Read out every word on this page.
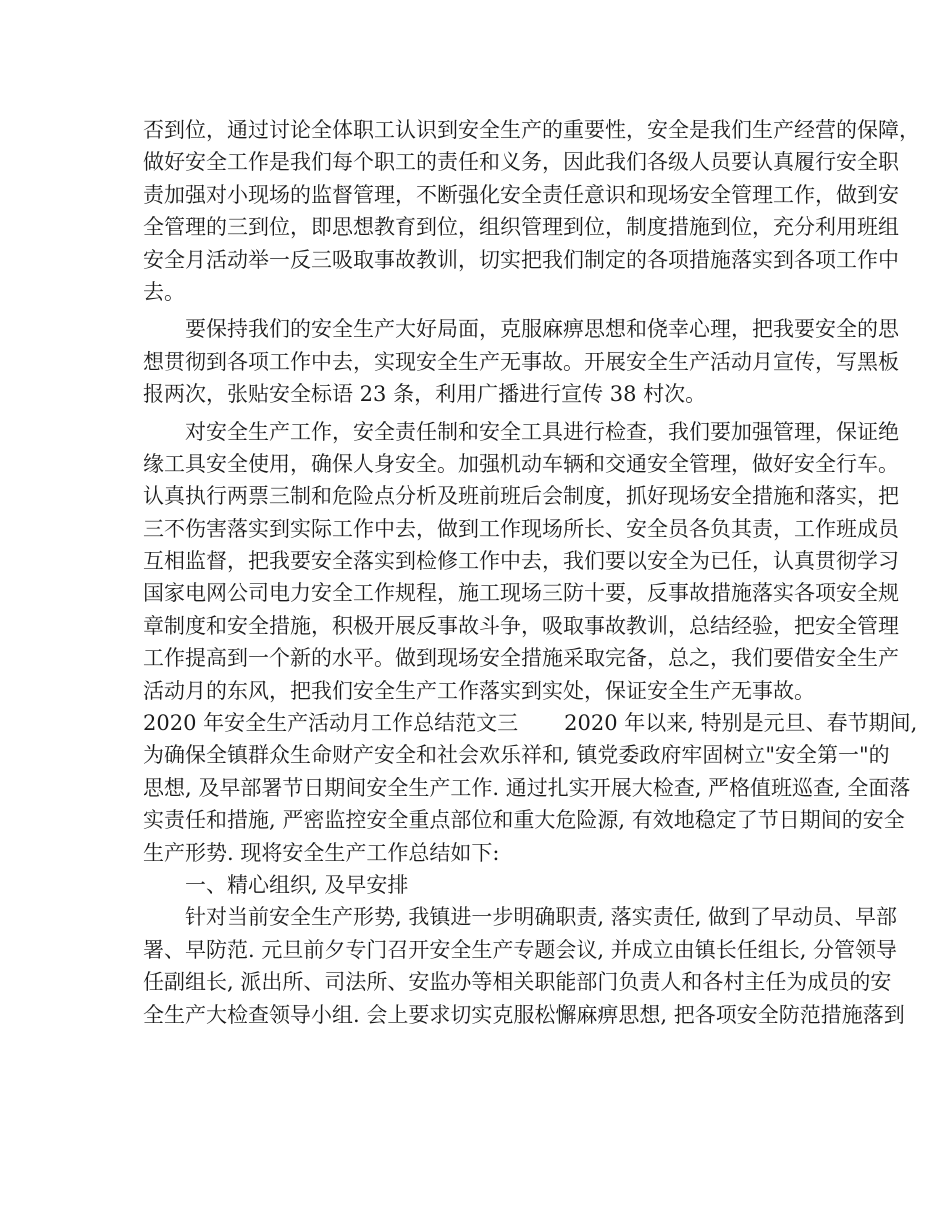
否到位，通过讨论全体职工认识到安全生产的重要性，安全是我们生产经营的保障，
做好安全工作是我们每个职工的责任和义务，因此我们各级人员要认真履行安全职
责加强对小现场的监督管理，不断强化安全责任意识和现场安全管理工作，做到安
全管理的三到位，即思想教育到位，组织管理到位，制度措施到位，充分利用班组
安全月活动举一反三吸取事故教训，切实把我们制定的各项措施落实到各项工作中
去。
要保持我们的安全生产大好局面，克服麻痹思想和侥幸心理，把我要安全的思
想贯彻到各项工作中去，实现安全生产无事故。开展安全生产活动月宣传，写黑板
报两次，张贴安全标语 23 条，利用广播进行宣传 38 村次。
对安全生产工作，安全责任制和安全工具进行检查，我们要加强管理，保证绝
缘工具安全使用，确保人身安全。加强机动车辆和交通安全管理，做好安全行车。
认真执行两票三制和危险点分析及班前班后会制度，抓好现场安全措施和落实，把
三不伤害落实到实际工作中去，做到工作现场所长、安全员各负其责，工作班成员
互相监督，把我要安全落实到检修工作中去，我们要以安全为已任，认真贯彻学习
国家电网公司电力安全工作规程，施工现场三防十要，反事故措施落实各项安全规
章制度和安全措施，积极开展反事故斗争，吸取事故教训，总结经验，把安全管理
工作提高到一个新的水平。做到现场安全措施采取完备，总之，我们要借安全生产
活动月的东风，把我们安全生产工作落实到实处，保证安全生产无事故。
2020 年安全生产活动月工作总结范文三 2020 年以来, 特别是元旦、春节期间,
为确保全镇群众生命财产安全和社会欢乐祥和, 镇党委政府牢固树立"安全第一"的
思想, 及早部署节日期间安全生产工作. 通过扎实开展大检查, 严格值班巡查, 全面落
实责任和措施, 严密监控安全重点部位和重大危险源, 有效地稳定了节日期间的安全
生产形势. 现将安全生产工作总结如下:
一、精心组织, 及早安排
针对当前安全生产形势, 我镇进一步明确职责, 落实责任, 做到了早动员、早部
署、早防范. 元旦前夕专门召开安全生产专题会议, 并成立由镇长任组长, 分管领导
任副组长, 派出所、司法所、安监办等相关职能部门负责人和各村主任为成员的安
全生产大检查领导小组. 会上要求切实克服松懈麻痹思想, 把各项安全防范措施落到
